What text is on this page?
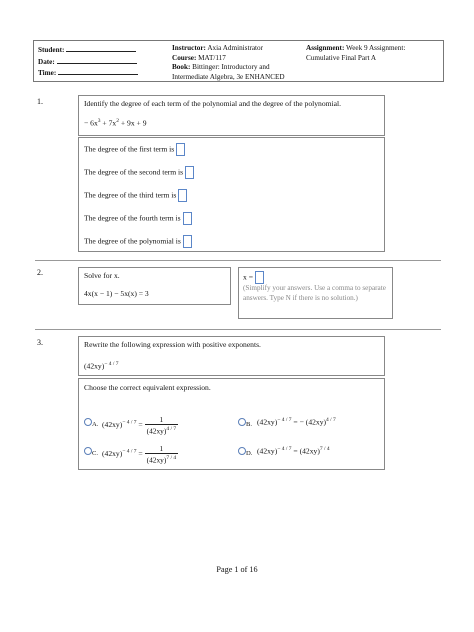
Student:
Date:
Time:
Instructor: Axia Administrator
Course: MAT/117
Book: Bittinger: Introductory and
Intermediate Algebra, 3e ENHANCED
Assignment: Week 9 Assignment:
Cumulative Final Part A
1.	Identify the degree of each term of the polynomial and the degree of the polynomial.
− $6x^3 + 7x^2 + 9x + 9$
The degree of the first term is
The degree of the second term is
The degree of the third term is
The degree of the fourth term is
The degree of the polynomial is
2.	Solve for x.
4x(x − 1) − 5x(x) = 3
x =
(Simplify your answers. Use a comma to separate answers. Type N if there is no solution.)
3.	Rewrite the following expression with positive exponents.
$(42xy)^{- 4 / 7}$
Choose the correct equivalent expression.
A. $(42xy)^{- 4 / 7} = \frac{1}{(42xy)^{4 / 7}}$	B. $(42xy)^{- 4 / 7}$ = − $(42xy)^{4 / 7}$
C. $(42xy)^{- 4 / 7} = \frac{1}{(42xy)^{7 / 4}}$	D. $(42xy)^{- 4 / 7} = (42xy)^{7 / 4}$
Page 1 of 16
